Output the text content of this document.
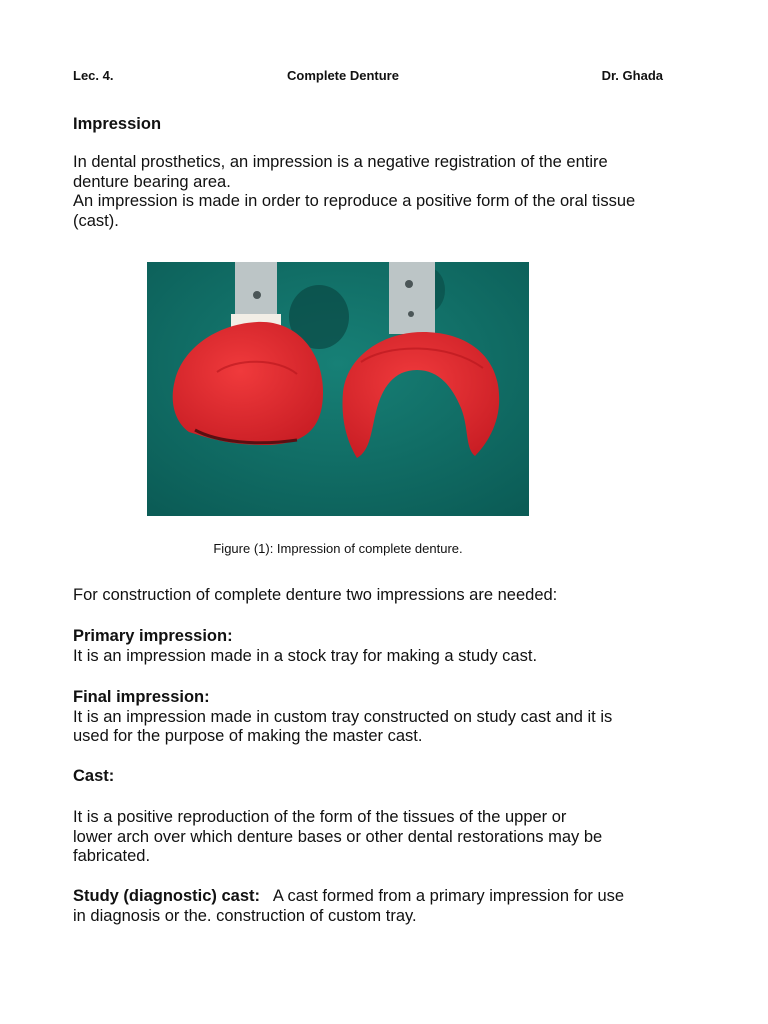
Lec. 4.	Complete Denture	Dr. Ghada
Impression
In dental prosthetics, an impression is a negative registration of the entire
denture bearing area.
An impression is made in order to reproduce a positive form of the oral tissue
(cast).
Figure (1): Impression of complete denture.
For construction of complete denture two impressions are needed:
Primary impression:
It is an impression made in a stock tray for making a study cast.
Final impression:
It is an impression made in custom tray constructed on study cast and it is
used for the purpose of making the master cast.
Cast:
It is a positive reproduction of the form of the tissues of the upper or
lower arch over which denture bases or other dental restorations may be
fabricated.
Study (diagnostic) cast: A cast formed from a primary impression for use
in diagnosis or the. construction of custom tray.
